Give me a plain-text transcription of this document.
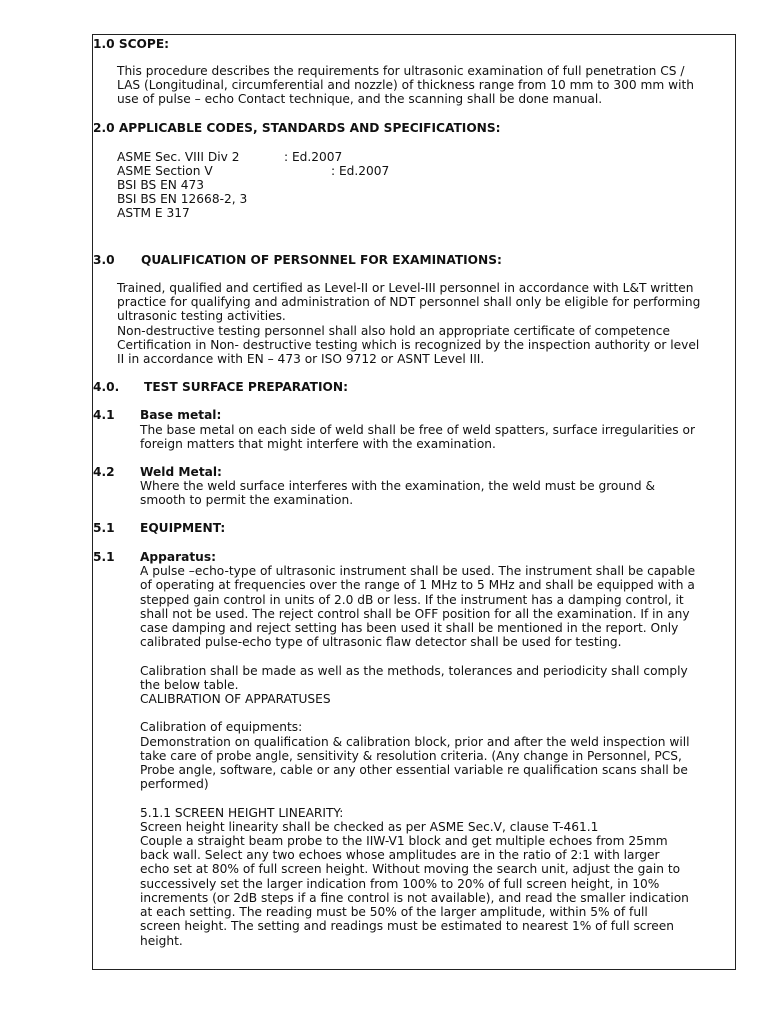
1.0 SCOPE:
This procedure describes the requirements for ultrasonic examination of full penetration CS /
LAS (Longitudinal, circumferential and nozzle) of thickness range from 10 mm to 300 mm with
use of pulse – echo Contact technique, and the scanning shall be done manual.
2.0 APPLICABLE CODES, STANDARDS AND SPECIFICATIONS:
ASME Sec. VIII Div 2	: Ed.2007
ASME Section V	: Ed.2007
BSI BS EN 473
BSI BS EN 12668-2, 3
ASTM E 317
3.0 QUALIFICATION OF PERSONNEL FOR EXAMINATIONS:
Trained, qualified and certified as Level-II or Level-III personnel in accordance with L&T written
practice for qualifying and administration of NDT personnel shall only be eligible for performing
ultrasonic testing activities.
Non-destructive testing personnel shall also hold an appropriate certificate of competence
Certification in Non- destructive testing which is recognized by the inspection authority or level
II in accordance with EN – 473 or ISO 9712 or ASNT Level III.
4.0. TEST SURFACE PREPARATION:
4.1 Base metal:
The base metal on each side of weld shall be free of weld spatters, surface irregularities or
foreign matters that might interfere with the examination.
4.2 Weld Metal:
Where the weld surface interferes with the examination, the weld must be ground &
smooth to permit the examination.
5.1 EQUIPMENT:
5.1 Apparatus:
A pulse –echo-type of ultrasonic instrument shall be used. The instrument shall be capable
of operating at frequencies over the range of 1 MHz to 5 MHz and shall be equipped with a
stepped gain control in units of 2.0 dB or less. If the instrument has a damping control, it
shall not be used. The reject control shall be OFF position for all the examination. If in any
case damping and reject setting has been used it shall be mentioned in the report. Only
calibrated pulse-echo type of ultrasonic flaw detector shall be used for testing.
Calibration shall be made as well as the methods, tolerances and periodicity shall comply
the below table.
CALIBRATION OF APPARATUSES
Calibration of equipments:
Demonstration on qualification & calibration block, prior and after the weld inspection will
take care of probe angle, sensitivity & resolution criteria. (Any change in Personnel, PCS,
Probe angle, software, cable or any other essential variable re qualification scans shall be
performed)
5.1.1 SCREEN HEIGHT LINEARITY:
Screen height linearity shall be checked as per ASME Sec.V, clause T-461.1
Couple a straight beam probe to the IIW-V1 block and get multiple echoes from 25mm
back wall. Select any two echoes whose amplitudes are in the ratio of 2:1 with larger
echo set at 80% of full screen height. Without moving the search unit, adjust the gain to
successively set the larger indication from 100% to 20% of full screen height, in 10%
increments (or 2dB steps if a fine control is not available), and read the smaller indication
at each setting. The reading must be 50% of the larger amplitude, within 5% of full
screen height. The setting and readings must be estimated to nearest 1% of full screen
height.
